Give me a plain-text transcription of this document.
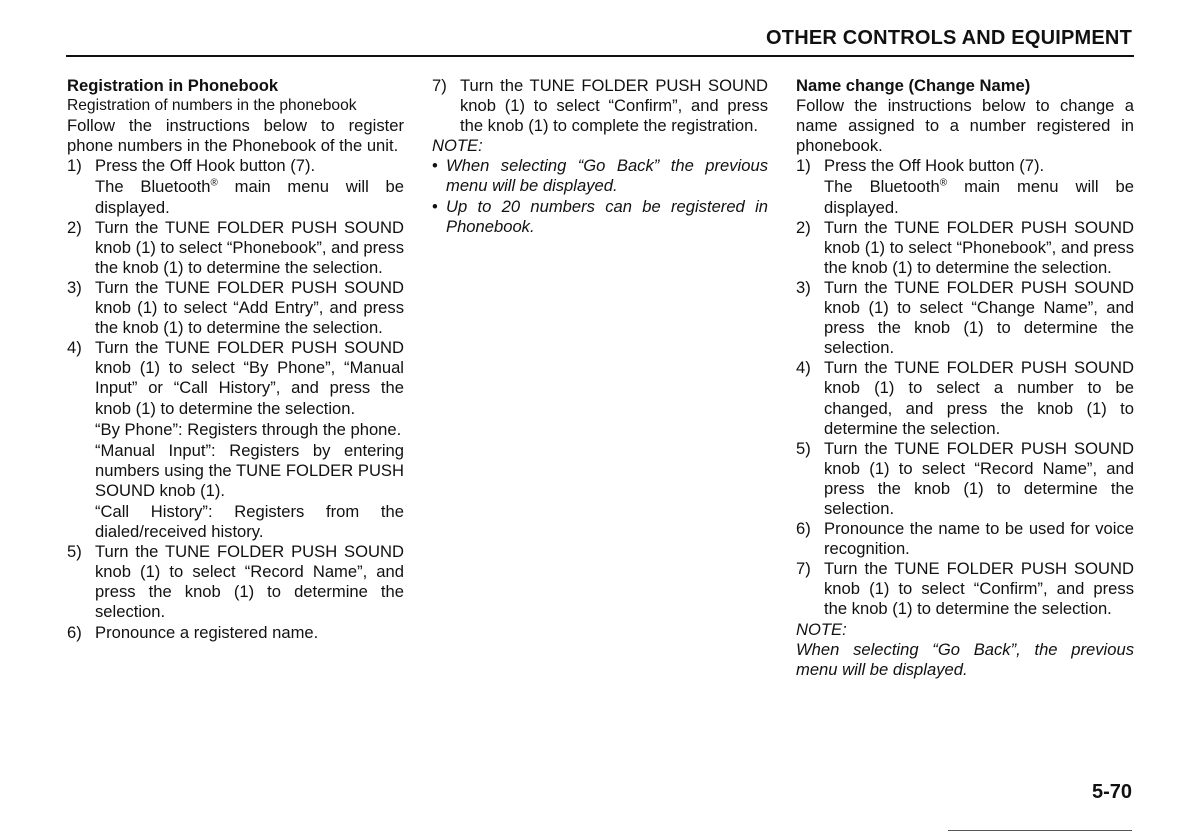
OTHER CONTROLS AND EQUIPMENT

Registration in Phonebook

Registration of numbers in the phonebook

Follow the instructions below to register phone numbers in the Phonebook of the unit.

1) Press the Off Hook button (7).
The Bluetooth® main menu will be displayed.
2) Turn the TUNE FOLDER PUSH SOUND knob (1) to select “Phonebook”, and press the knob (1) to determine the selection.
3) Turn the TUNE FOLDER PUSH SOUND knob (1) to select “Add Entry”, and press the knob (1) to determine the selection.
4) Turn the TUNE FOLDER PUSH SOUND knob (1) to select “By Phone”, “Manual Input” or “Call History”, and press the knob (1) to determine the selection.
“By Phone”: Registers through the phone.
“Manual Input”: Registers by entering numbers using the TUNE FOLDER PUSH SOUND knob (1).
“Call History”: Registers from the dialed/received history.
5) Turn the TUNE FOLDER PUSH SOUND knob (1) to select “Record Name”, and press the knob (1) to determine the selection.
6) Pronounce a registered name.
7) Turn the TUNE FOLDER PUSH SOUND knob (1) to select “Confirm”, and press the knob (1) to complete the registration.

NOTE:

• When selecting “Go Back” the previous menu will be displayed.
• Up to 20 numbers can be registered in Phonebook.

Name change (Change Name)

Follow the instructions below to change a name assigned to a number registered in phonebook.

1) Press the Off Hook button (7).
The Bluetooth® main menu will be displayed.
2) Turn the TUNE FOLDER PUSH SOUND knob (1) to select “Phonebook”, and press the knob (1) to determine the selection.
3) Turn the TUNE FOLDER PUSH SOUND knob (1) to select “Change Name”, and press the knob (1) to determine the selection.
4) Turn the TUNE FOLDER PUSH SOUND knob (1) to select a number to be changed, and press the knob (1) to determine the selection.
5) Turn the TUNE FOLDER PUSH SOUND knob (1) to select “Record Name”, and press the knob (1) to determine the selection.
6) Pronounce the name to be used for voice recognition.
7) Turn the TUNE FOLDER PUSH SOUND knob (1) to select “Confirm”, and press the knob (1) to determine the selection.

NOTE:

When selecting “Go Back”, the previous menu will be displayed.

5-70
